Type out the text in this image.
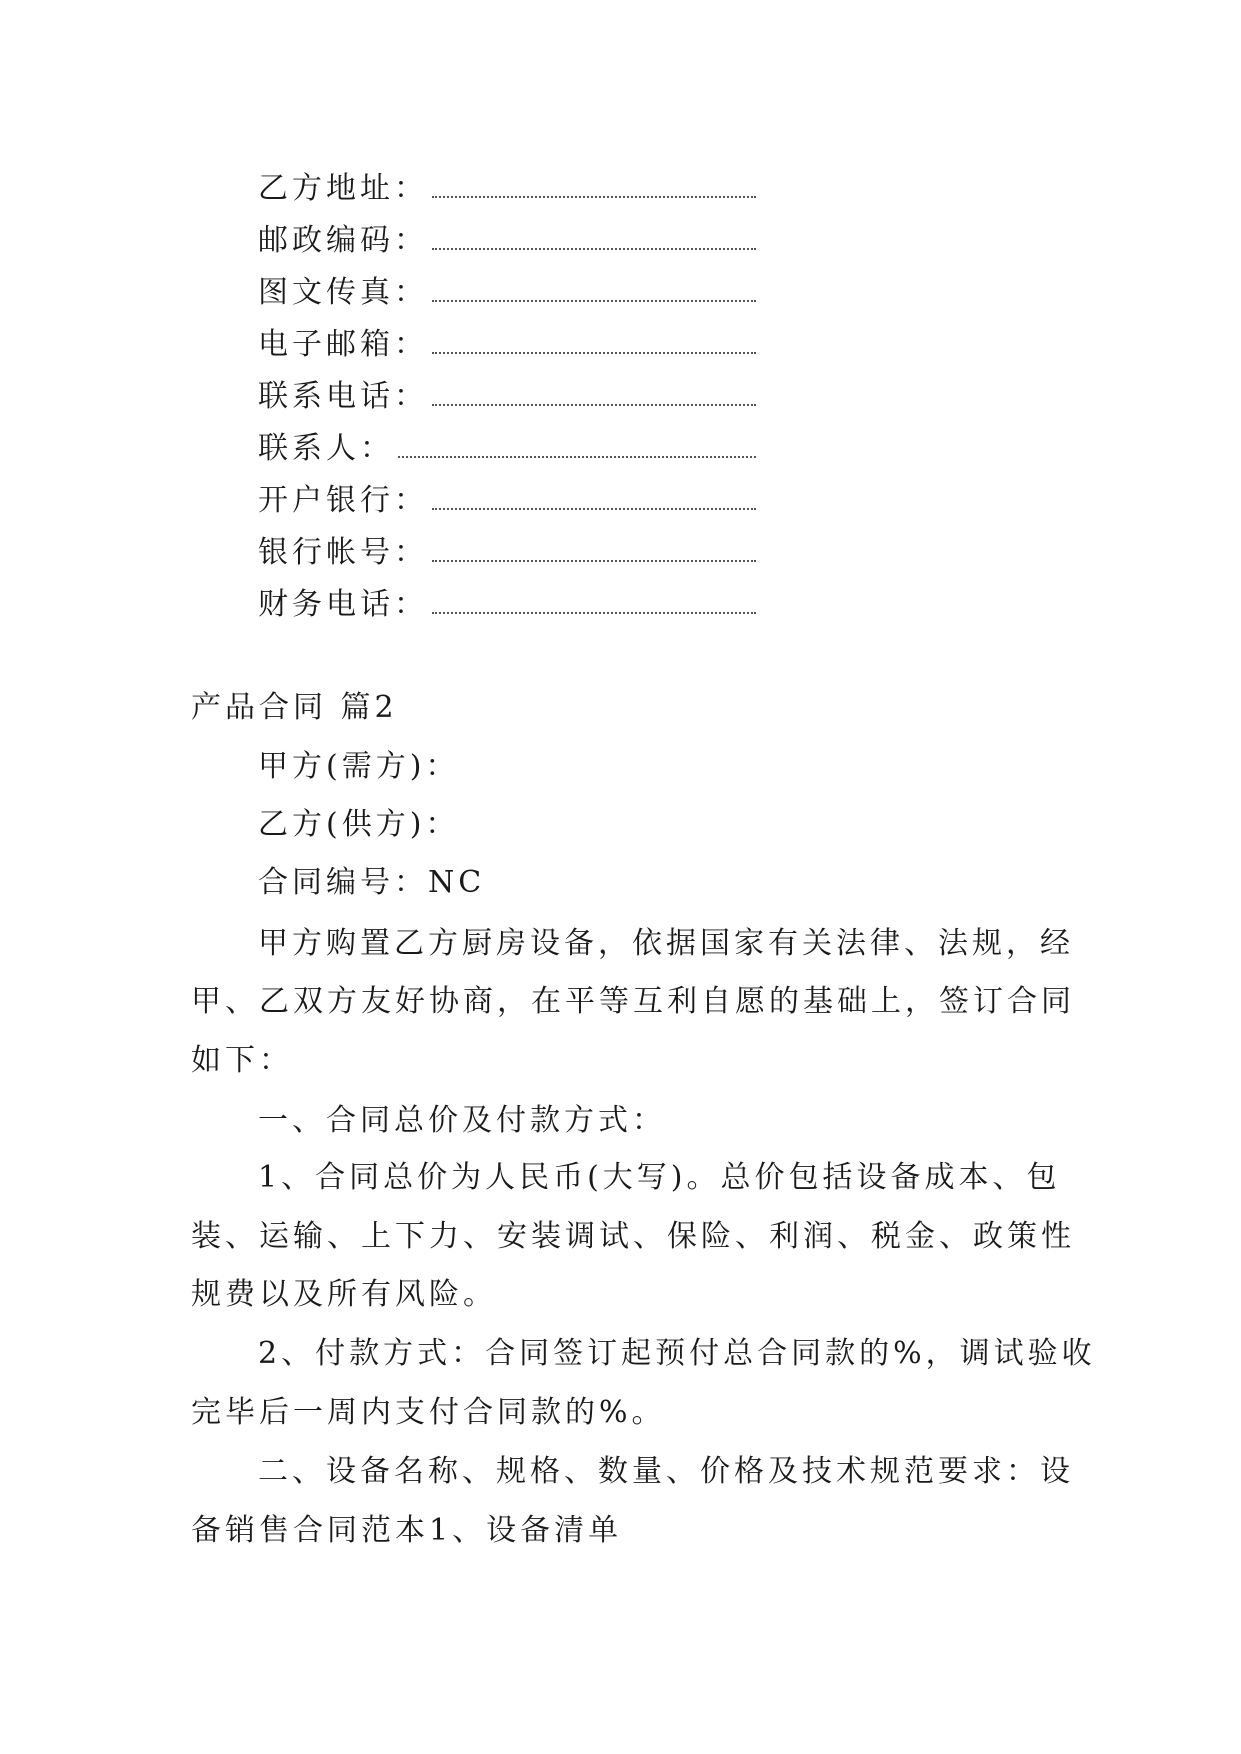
乙方地址：
邮政编码：
图文传真：
电子邮箱：
联系电话：
联系人：
开户银行：
银行帐号：
财务电话：
产品合同 篇2
甲方(需方)：
乙方(供方)：
合同编号：NC
甲方购置乙方厨房设备，依据国家有关法律、法规，经
甲、乙双方友好协商，在平等互利自愿的基础上，签订合同
如下：
一、合同总价及付款方式：
1、合同总价为人民币(大写)。总价包括设备成本、包
装、运输、上下力、安装调试、保险、利润、税金、政策性
规费以及所有风险。
2、付款方式：合同签订起预付总合同款的%，调试验收
完毕后一周内支付合同款的%。
二、设备名称、规格、数量、价格及技术规范要求：设
备销售合同范本1、设备清单
